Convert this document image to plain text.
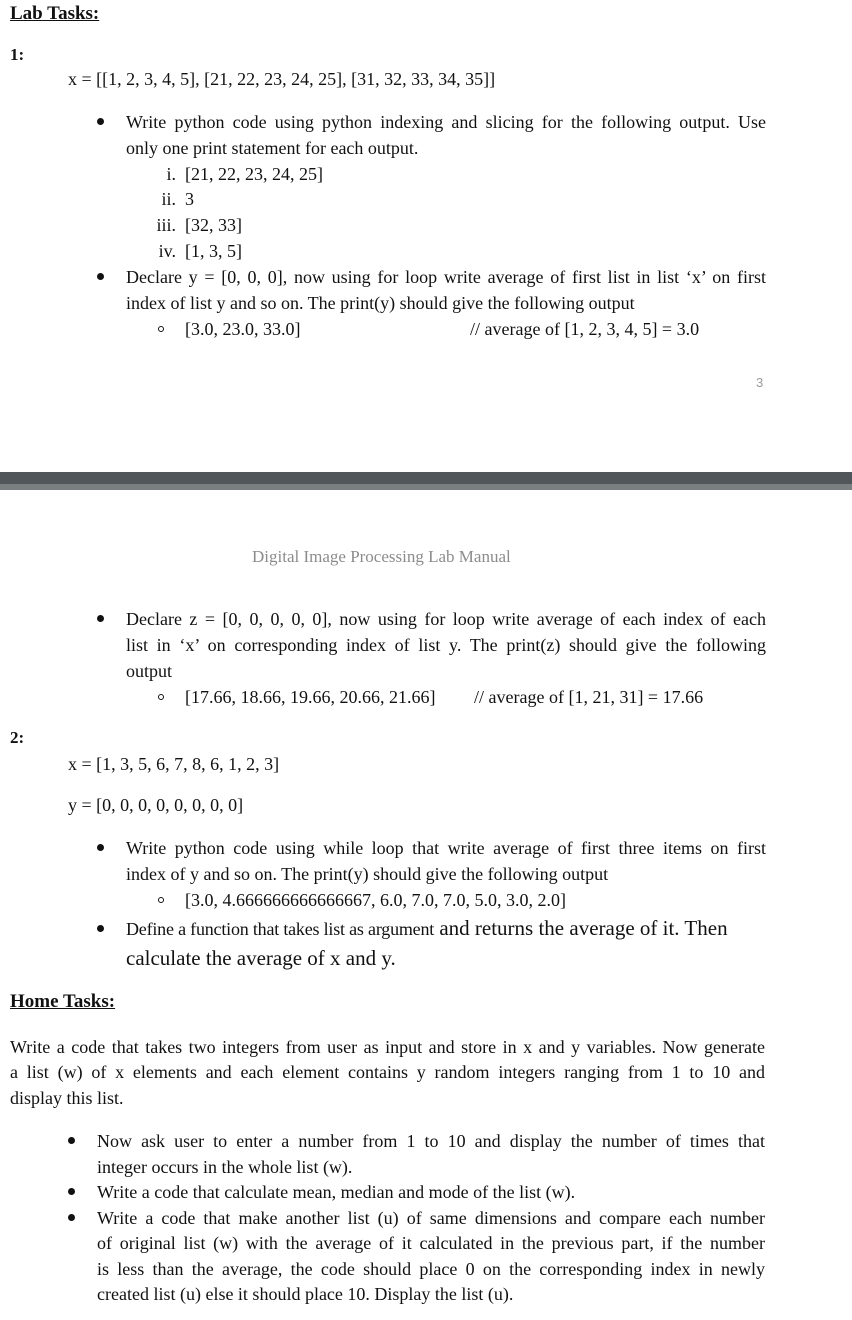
Lab Tasks:
1:
x = [[1, 2, 3, 4, 5], [21, 22, 23, 24, 25], [31, 32, 33, 34, 35]]
Write python code using python indexing and slicing for the following output. Use
only one print statement for each output.
i. [21, 22, 23, 24, 25]
ii. 3
iii. [32, 33]
iv. [1, 3, 5]
Declare y = [0, 0, 0], now using for loop write average of first list in list ‘x’ on first
index of list y and so on. The print(y) should give the following output
[3.0, 23.0, 33.0]	// average of [1, 2, 3, 4, 5] = 3.0
3
Digital Image Processing Lab Manual
Declare z = [0, 0, 0, 0, 0], now using for loop write average of each index of each
list in ‘x’ on corresponding index of list y. The print(z) should give the following
output
[17.66, 18.66, 19.66, 20.66, 21.66] // average of [1, 21, 31] = 17.66
2:
x = [1, 3, 5, 6, 7, 8, 6, 1, 2, 3]
y = [0, 0, 0, 0, 0, 0, 0, 0]
Write python code using while loop that write average of first three items on first
index of y and so on. The print(y) should give the following output
[3.0, 4.666666666666667, 6.0, 7.0, 7.0, 5.0, 3.0, 2.0]
Define a function that takes list as argument and returns the average of it. Then
calculate the average of x and y.
Home Tasks:
Write a code that takes two integers from user as input and store in x and y variables. Now generate
a list (w) of x elements and each element contains y random integers ranging from 1 to 10 and
display this list.
Now ask user to enter a number from 1 to 10 and display the number of times that
integer occurs in the whole list (w).
Write a code that calculate mean, median and mode of the list (w).
Write a code that make another list (u) of same dimensions and compare each number
of original list (w) with the average of it calculated in the previous part, if the number
is less than the average, the code should place 0 on the corresponding index in newly
created list (u) else it should place 10. Display the list (u).
